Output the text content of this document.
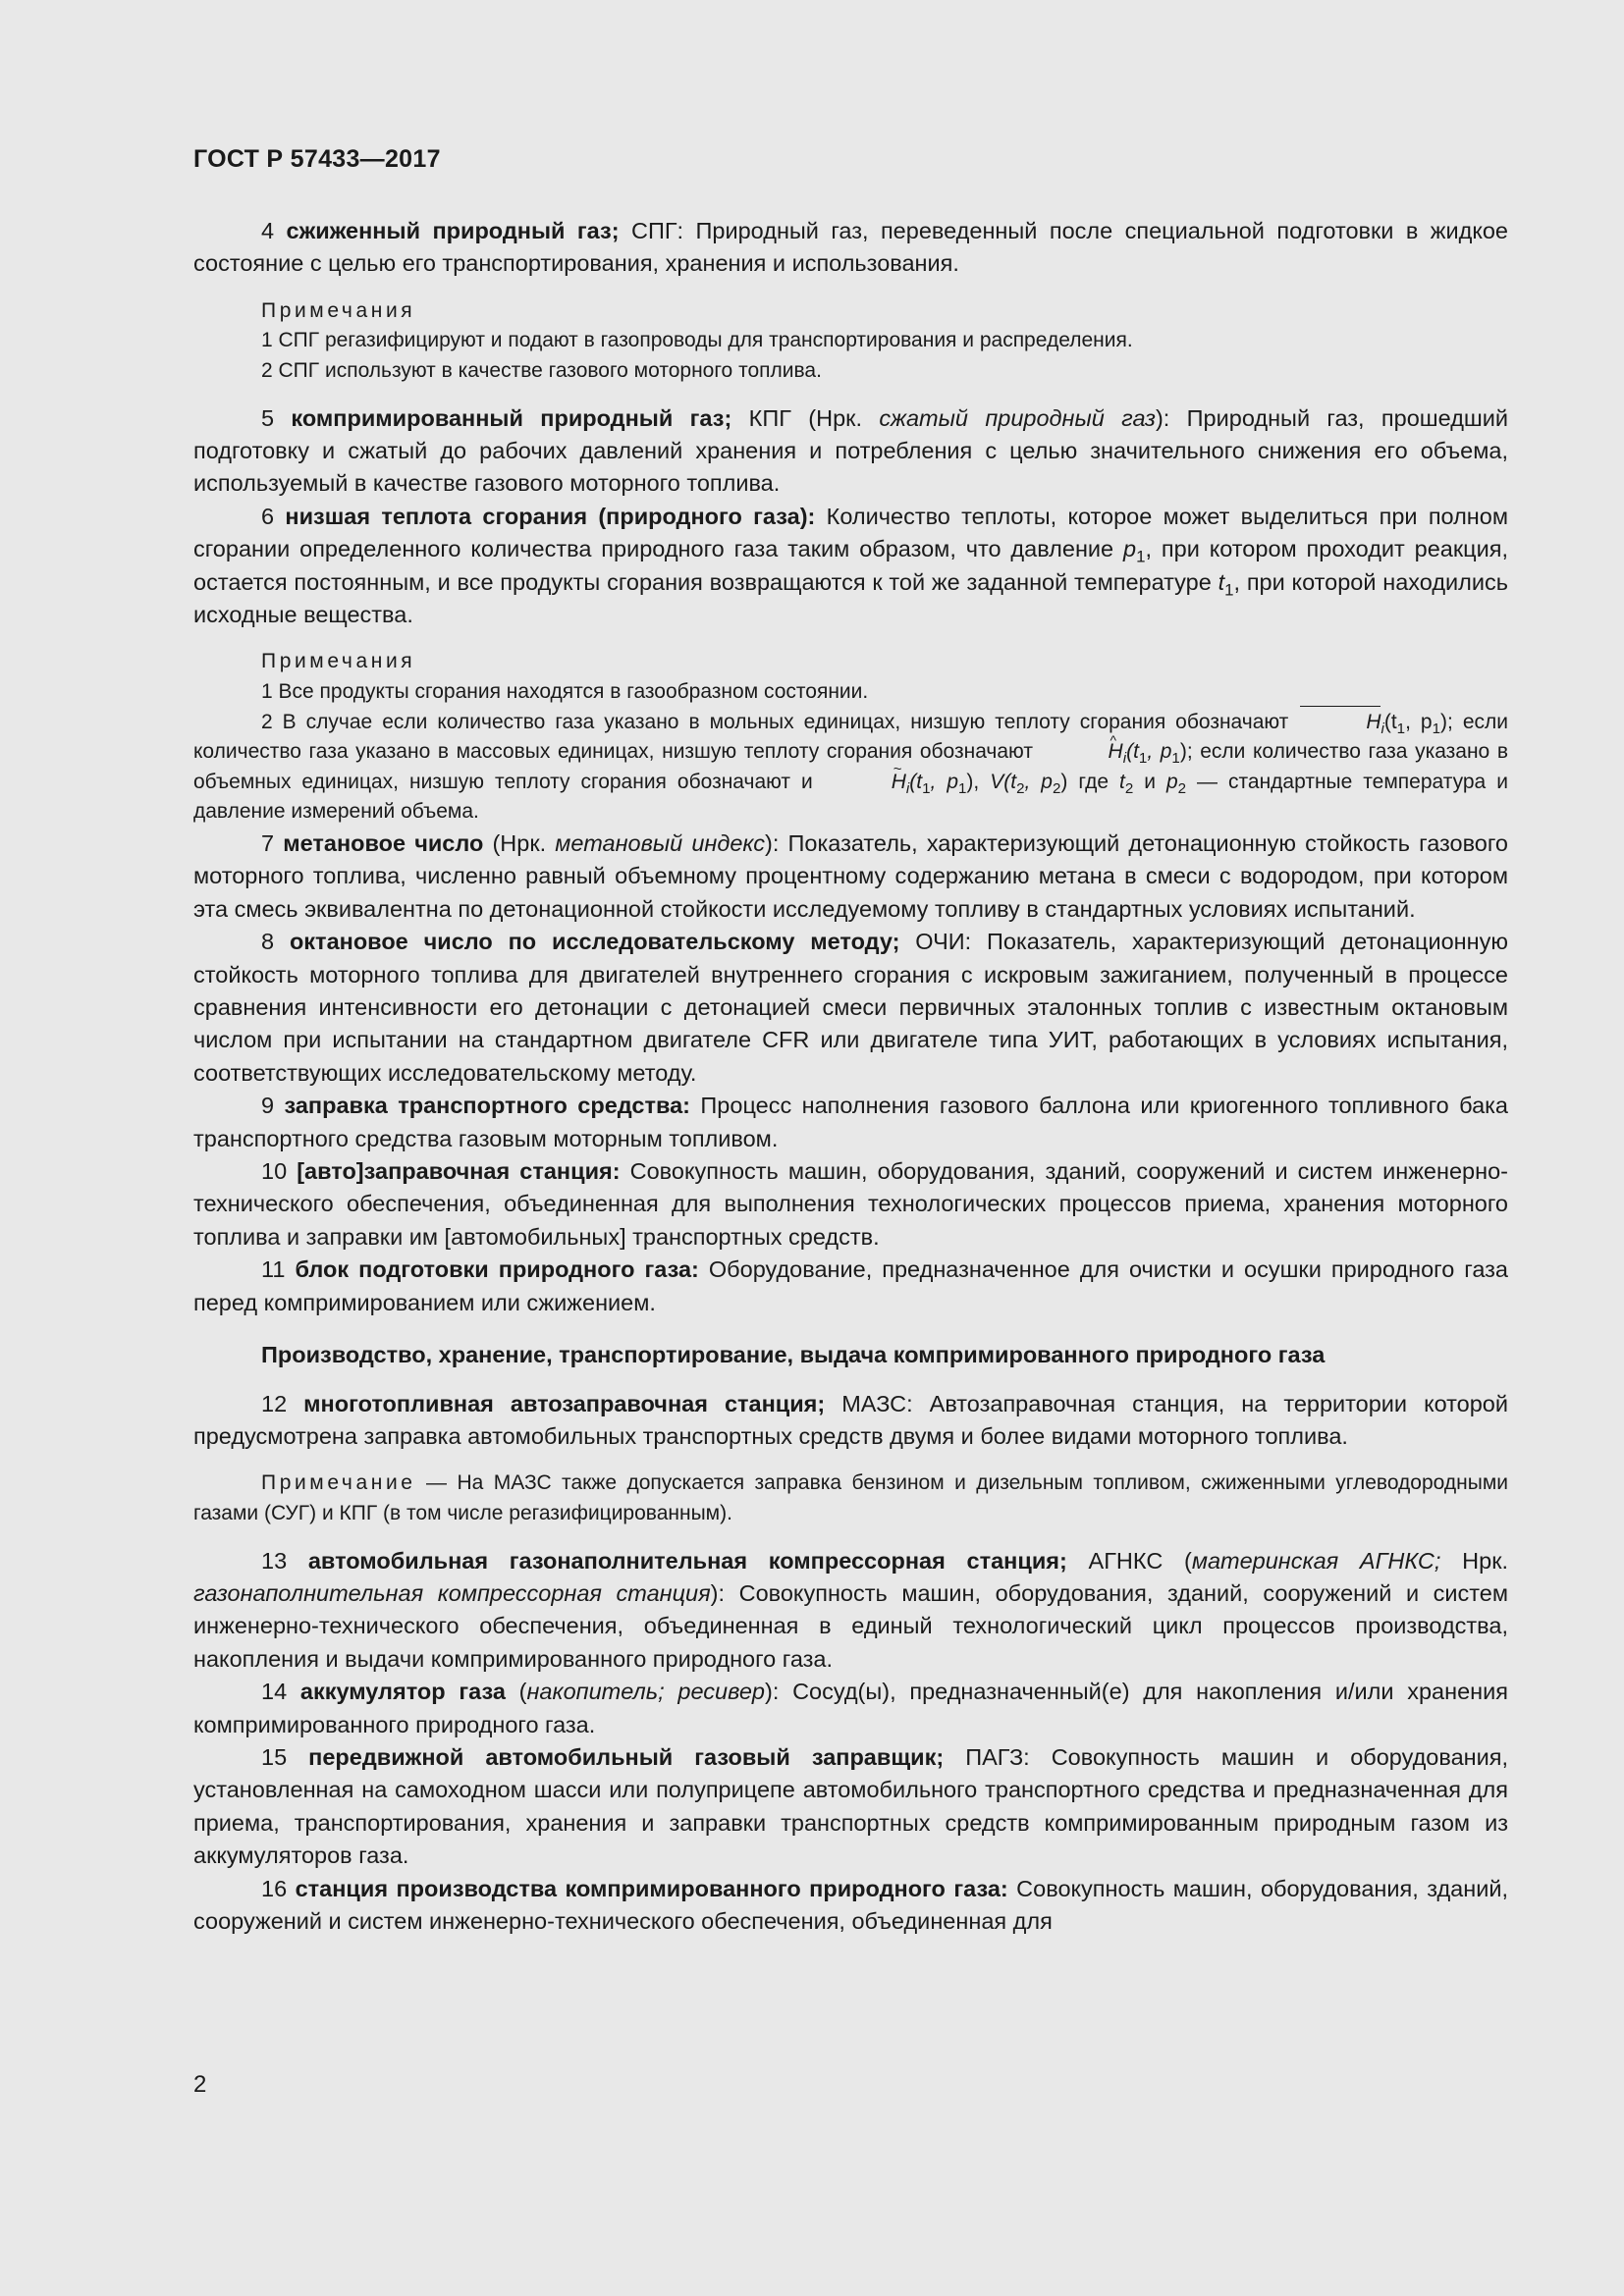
ГОСТ Р 57433—2017

4 сжиженный природный газ; СПГ: Природный газ, переведенный после специальной подготовки в жидкое состояние с целью его транспортирования, хранения и использования.

Примечания

1 СПГ регазифицируют и подают в газопроводы для транспортирования и распределения.

2 СПГ используют в качестве газового моторного топлива.

5 компримированный природный газ; КПГ (Нрк. сжатый природный газ): Природный газ, прошедший подготовку и сжатый до рабочих давлений хранения и потребления с целью значительного снижения его объема, используемый в качестве газового моторного топлива.

6 низшая теплота сгорания (природного газа): Количество теплоты, которое может выделиться при полном сгорании определенного количества природного газа таким образом, что давление $p_1$, при котором проходит реакция, остается постоянным, и все продукты сгорания возвращаются к той же заданной температуре $t_1$, при которой находились исходные вещества.

Примечания

1 Все продукты сгорания находятся в газообразном состоянии.

2 В случае если количество газа указано в мольных единицах, низшую теплоту сгорания обозначают	$H_i(t_1$, $p_1$); если количество газа указано в массовых единицах, низшую теплоту сгорания обозначают	^ $H_i(t_1$, $p_1$); если количество газа указано в объемных единицах, низшую теплоту сгорания обозначают и	~ $H_i(t_1$, $p_1$), $V(t_2$, $p_2$) где $t_2$ и $p_2$ — стандартные температура и давление измерений объема.

7 метановое число (Нрк. метановый индекс): Показатель, характеризующий детонационную стойкость газового моторного топлива, численно равный объемному процентному содержанию метана в смеси с водородом, при котором эта смесь эквивалентна по детонационной стойкости исследуемому топливу в стандартных условиях испытаний.

8 октановое число по исследовательскому методу; ОЧИ: Показатель, характеризующий детонационную стойкость моторного топлива для двигателей внутреннего сгорания с искровым зажиганием, полученный в процессе сравнения интенсивности его детонации с детонацией смеси первичных эталонных топлив с известным октановым числом при испытании на стандартном двигателе CFR или двигателе типа УИТ, работающих в условиях испытания, соответствующих исследовательскому методу.

9 заправка транспортного средства: Процесс наполнения газового баллона или криогенного топливного бака транспортного средства газовым моторным топливом.

10 [авто]заправочная станция: Совокупность машин, оборудования, зданий, сооружений и систем инженерно-технического обеспечения, объединенная для выполнения технологических процессов приема, хранения моторного топлива и заправки им [автомобильных] транспортных средств.

11 блок подготовки природного газа: Оборудование, предназначенное для очистки и осушки природного газа перед компримированием или сжижением.

Производство, хранение, транспортирование, выдача компримированного природного газа

12 многотопливная автозаправочная станция; МАЗС: Автозаправочная станция, на территории которой предусмотрена заправка автомобильных транспортных средств двумя и более видами моторного топлива.

Примечание — На МАЗС также допускается заправка бензином и дизельным топливом, сжиженными углеводородными газами (СУГ) и КПГ (в том числе регазифицированным).

13 автомобильная газонаполнительная компрессорная станция; АГНКС (материнская АГНКС; Нрк. газонаполнительная компрессорная станция): Совокупность машин, оборудования, зданий, сооружений и систем инженерно-технического обеспечения, объединенная в единый технологический цикл процессов производства, накопления и выдачи компримированного природного газа.

14 аккумулятор газа (накопитель; ресивер): Сосуд(ы), предназначенный(е) для накопления и/или хранения компримированного природного газа.

15 передвижной автомобильный газовый заправщик; ПАГЗ: Совокупность машин и оборудования, установленная на самоходном шасси или полуприцепе автомобильного транспортного средства и предназначенная для приема, транспортирования, хранения и заправки транспортных средств компримированным природным газом из аккумуляторов газа.

16 станция производства компримированного природного газа: Совокупность машин, оборудования, зданий, сооружений и систем инженерно-технического обеспечения, объединенная для

2
